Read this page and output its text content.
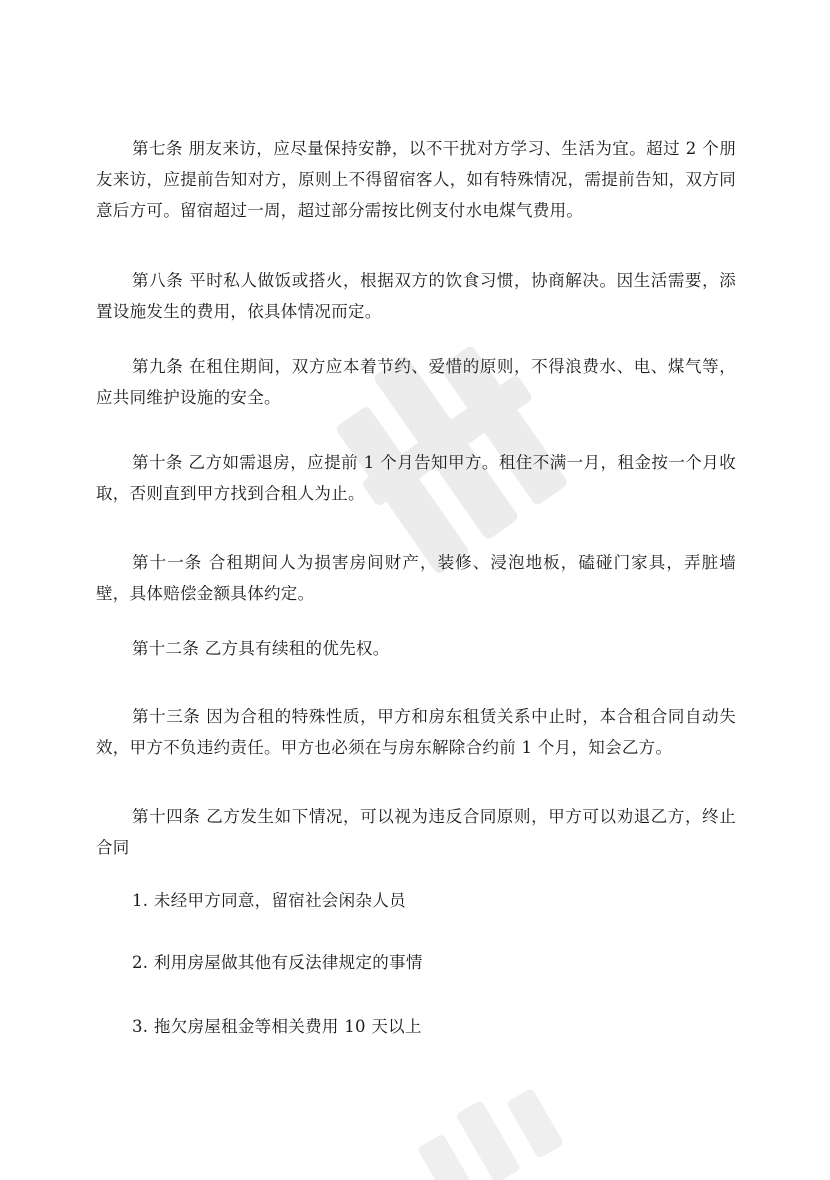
第七条 朋友来访，应尽量保持安静，以不干扰对方学习、生活为宜。超过 2 个朋友来访，应提前告知对方，原则上不得留宿客人，如有特殊情况，需提前告知，双方同意后方可。留宿超过一周，超过部分需按比例支付水电煤气费用。

第八条 平时私人做饭或搭火，根据双方的饮食习惯，协商解决。因生活需要，添置设施发生的费用，依具体情况而定。

第九条 在租住期间，双方应本着节约、爱惜的原则，不得浪费水、电、煤气等，应共同维护设施的安全。

第十条 乙方如需退房，应提前 1 个月告知甲方。租住不满一月，租金按一个月收取，否则直到甲方找到合租人为止。

第十一条 合租期间人为损害房间财产，装修、浸泡地板，磕碰门家具，弄脏墙壁，具体赔偿金额具体约定。

第十二条 乙方具有续租的优先权。

第十三条 因为合租的特殊性质，甲方和房东租赁关系中止时，本合租合同自动失效，甲方不负违约责任。甲方也必须在与房东解除合约前 1 个月，知会乙方。

第十四条 乙方发生如下情况，可以视为违反合同原则，甲方可以劝退乙方，终止合同

1. 未经甲方同意，留宿社会闲杂人员

2. 利用房屋做其他有反法律规定的事情

3. 拖欠房屋租金等相关费用 10 天以上
